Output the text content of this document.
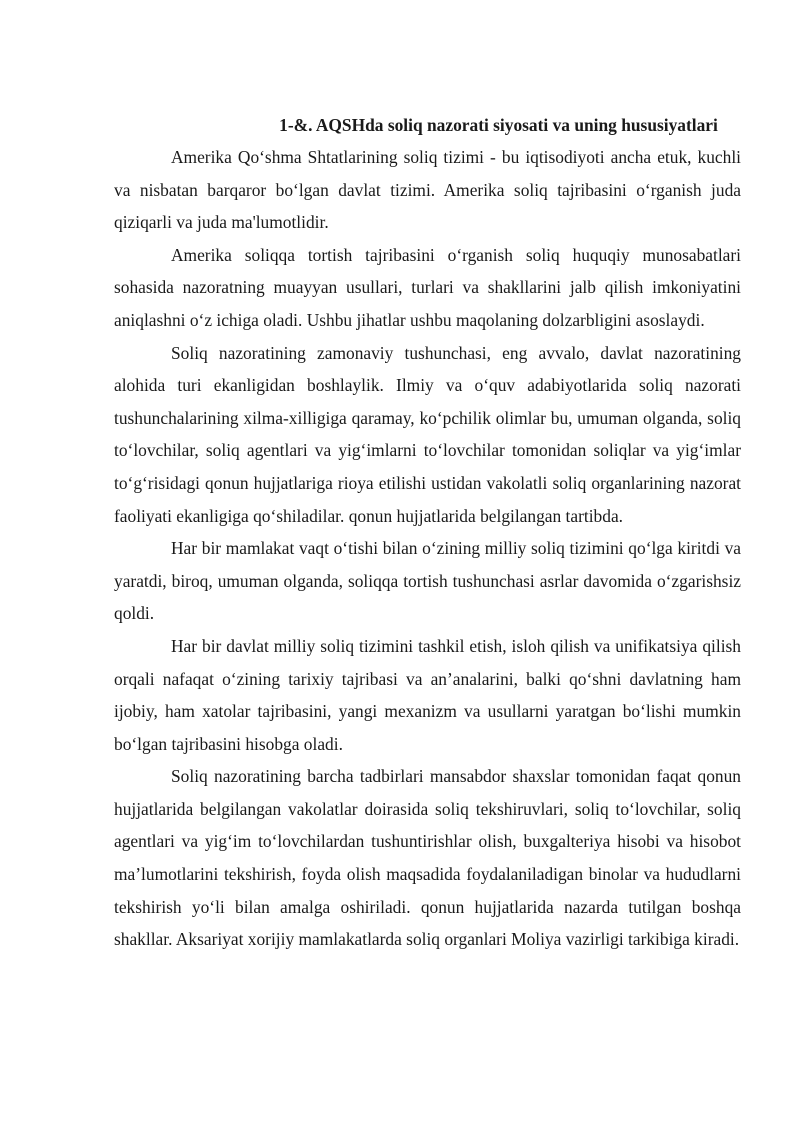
1-&. AQSHda soliq nazorati siyosati va uning hususiyatlari

Amerika Qo‘shma Shtatlarining soliq tizimi - bu iqtisodiyoti ancha etuk, kuchli va nisbatan barqaror bo‘lgan davlat tizimi. Amerika soliq tajribasini o‘rganish juda qiziqarli va juda ma'lumotlidir.

Amerika soliqqa tortish tajribasini o‘rganish soliq huquqiy munosabatlari sohasida nazoratning muayyan usullari, turlari va shakllarini jalb qilish imkoniyatini aniqlashni o‘z ichiga oladi. Ushbu jihatlar ushbu maqolaning dolzarbligini asoslaydi.

Soliq nazoratining zamonaviy tushunchasi, eng avvalo, davlat nazoratining alohida turi ekanligidan boshlaylik. Ilmiy va o‘quv adabiyotlarida soliq nazorati tushunchalarining xilma-xilligiga qaramay, ko‘pchilik olimlar bu, umuman olganda, soliq to‘lovchilar, soliq agentlari va yig‘imlarni to‘lovchilar tomonidan soliqlar va yig‘imlar to‘g‘risidagi qonun hujjatlariga rioya etilishi ustidan vakolatli soliq organlarining nazorat faoliyati ekanligiga qo‘shiladilar. qonun hujjatlarida belgilangan tartibda.

Har bir mamlakat vaqt o‘tishi bilan o‘zining milliy soliq tizimini qo‘lga kiritdi va yaratdi, biroq, umuman olganda, soliqqa tortish tushunchasi asrlar davomida o‘zgarishsiz qoldi.

Har bir davlat milliy soliq tizimini tashkil etish, isloh qilish va unifikatsiya qilish orqali nafaqat o‘zining tarixiy tajribasi va an’analarini, balki qo‘shni davlatning ham ijobiy, ham xatolar tajribasini, yangi mexanizm va usullarni yaratgan bo‘lishi mumkin bo‘lgan tajribasini hisobga oladi.

Soliq nazoratining barcha tadbirlari mansabdor shaxslar tomonidan faqat qonun hujjatlarida belgilangan vakolatlar doirasida soliq tekshiruvlari, soliq to‘lovchilar, soliq agentlari va yig‘im to‘lovchilardan tushuntirishlar olish, buxgalteriya hisobi va hisobot ma’lumotlarini tekshirish, foyda olish maqsadida foydalaniladigan binolar va hududlarni tekshirish yo‘li bilan amalga oshiriladi. qonun hujjatlarida nazarda tutilgan boshqa shakllar. Aksariyat xorijiy mamlakatlarda soliq organlari Moliya vazirligi tarkibiga kiradi.
